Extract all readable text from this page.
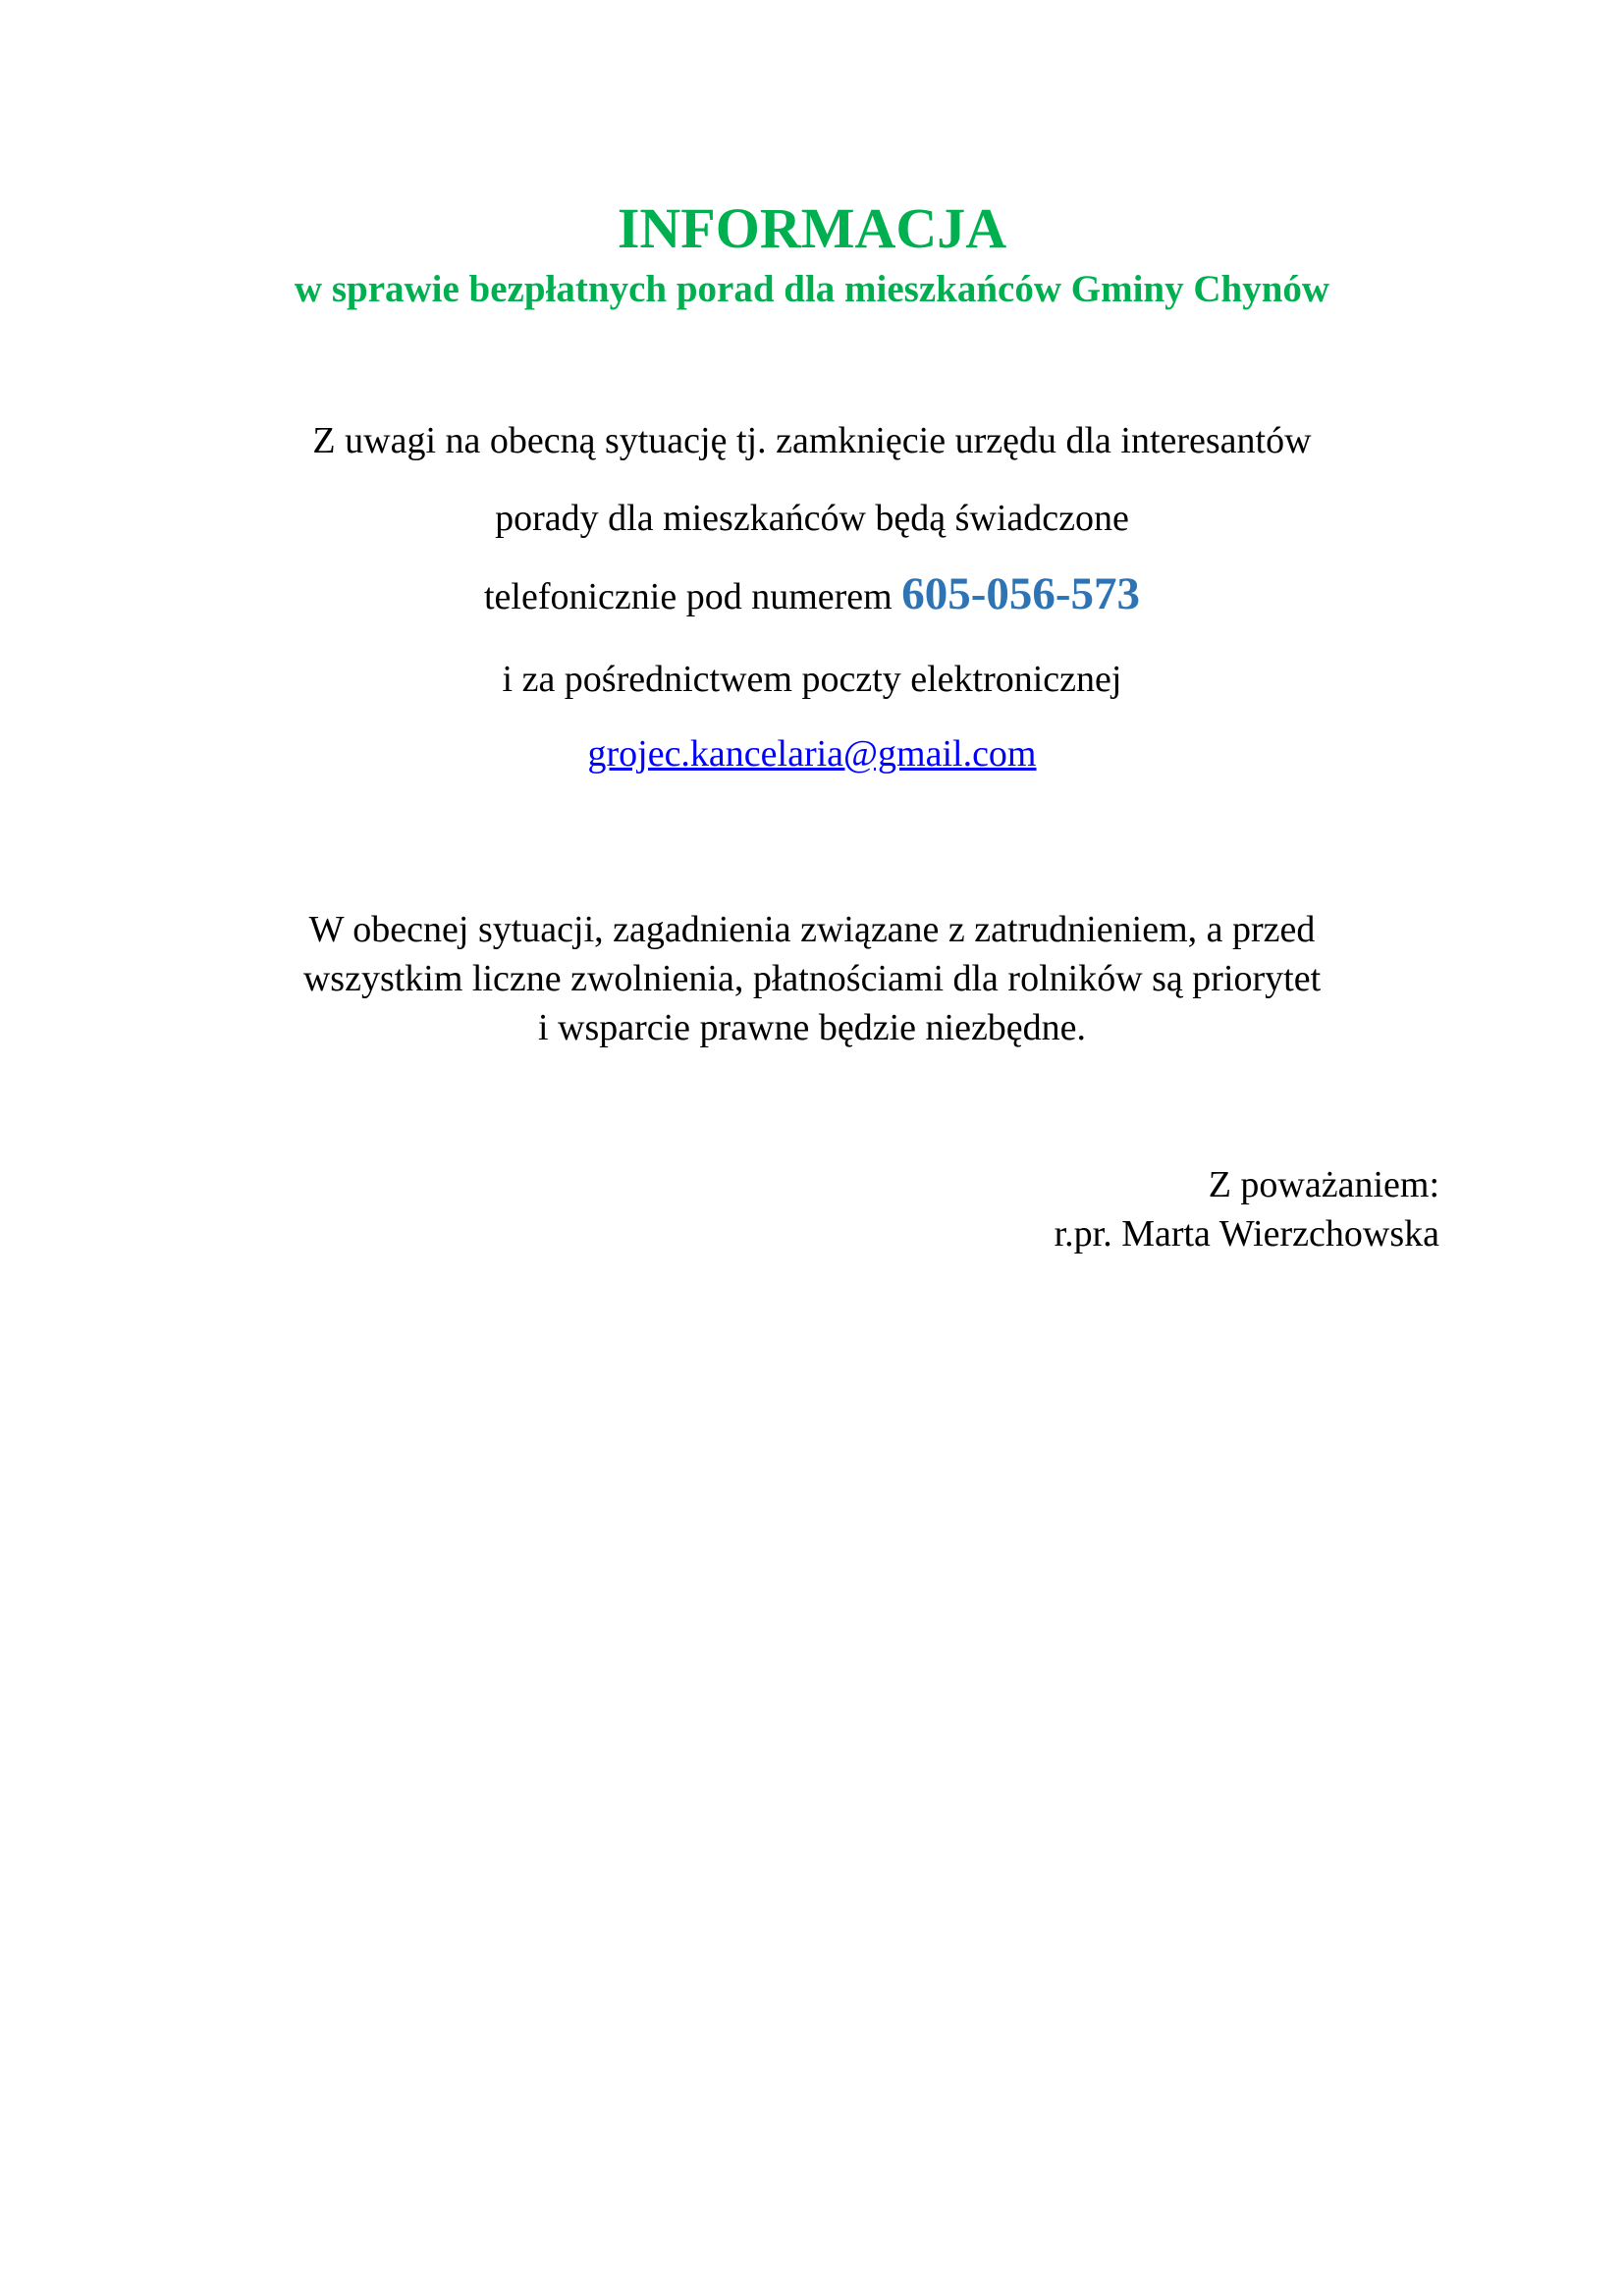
INFORMACJA
w sprawie bezpłatnych porad dla mieszkańców Gminy Chynów

Z uwagi na obecną sytuację tj. zamknięcie urzędu dla interesantów

porady dla mieszkańców będą świadczone

telefonicznie pod numerem 605-056-573

i za pośrednictwem poczty elektronicznej

grojec.kancelaria@gmail.com

W obecnej sytuacji, zagadnienia związane z zatrudnieniem, a przed
wszystkim liczne zwolnienia, płatnościami dla rolników są priorytet
i wsparcie prawne będzie niezbędne.

Z poważaniem:
r.pr. Marta Wierzchowska
